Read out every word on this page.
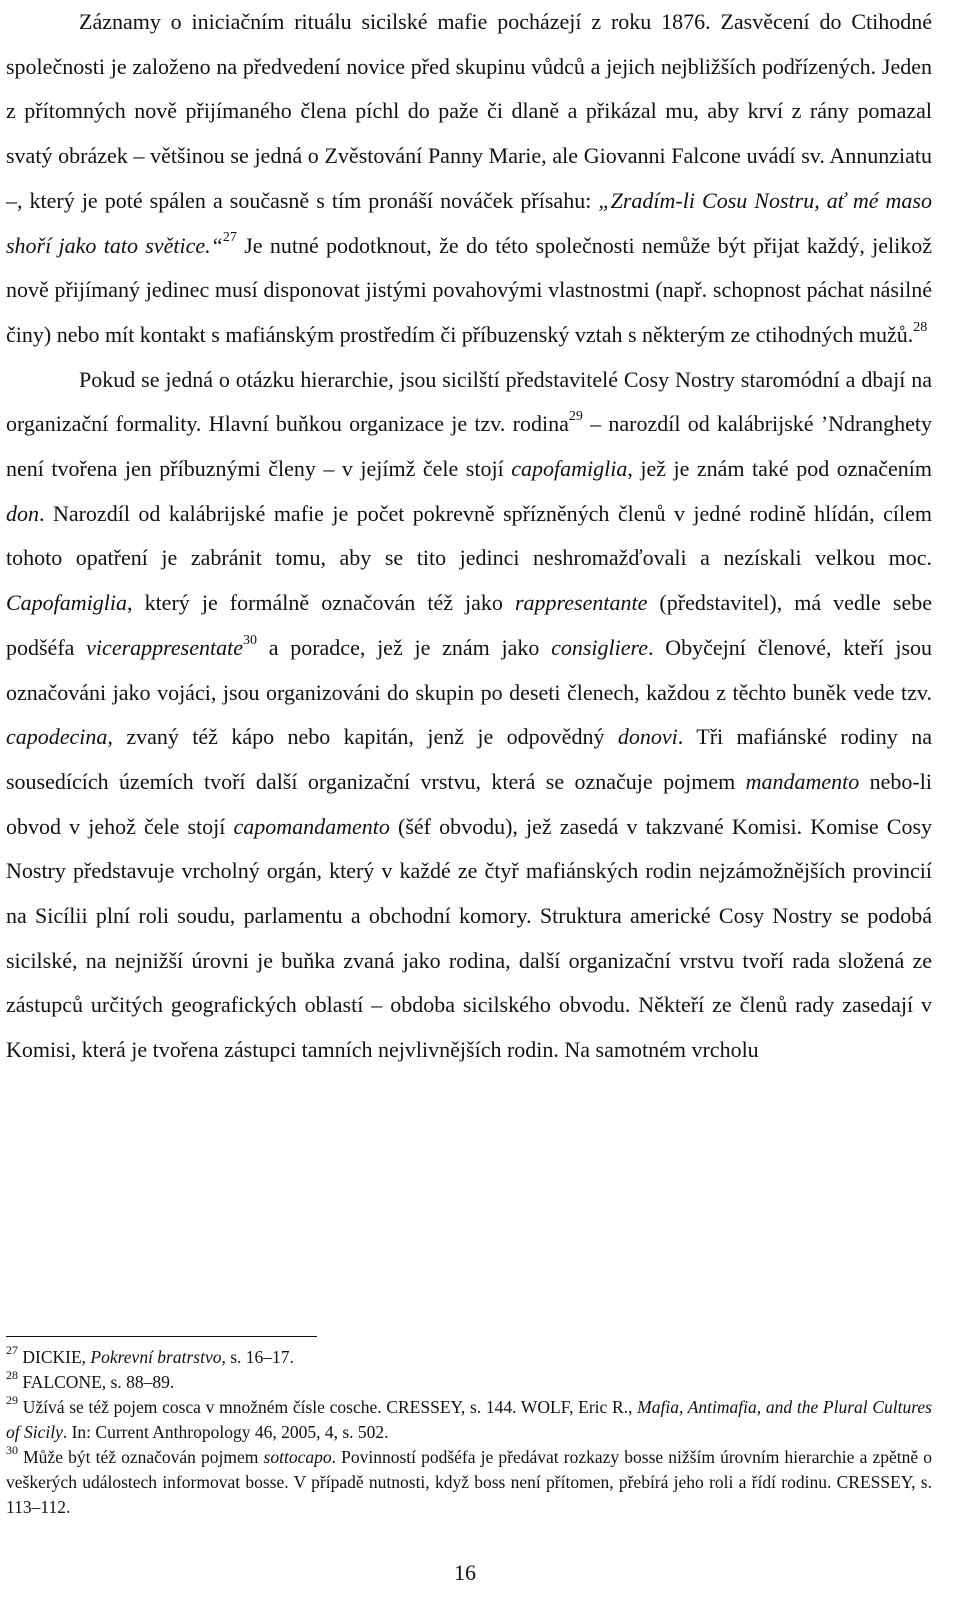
Záznamy o iniciačním rituálu sicilské mafie pocházejí z roku 1876. Zasvěcení do Ctihodné společnosti je založeno na předvedení novice před skupinu vůdců a jejich nejbližších podřízených. Jeden z přítomných nově přijímaného člena píchl do paže či dlaně a přikázal mu, aby krví z rány pomazal svatý obrázek – většinou se jedná o Zvěstování Panny Marie, ale Giovanni Falcone uvádí sv. Annunziatu –, který je poté spálen a současně s tím pronáší nováček přísahu: „Zradím-li Cosu Nostru, ať mé maso shoří jako tato světice.“$^{27}$ Je nutné podotknout, že do této společnosti nemůže být přijat každý, jelikož nově přijímaný jedinec musí disponovat jistými povahovými vlastnostmi (např. schopnost páchat násilné činy) nebo mít kontakt s mafiánským prostředím či příbuzenský vztah s některým ze ctihodných mužů.$^{28}$

Pokud se jedná o otázku hierarchie, jsou sicilští představitelé Cosy Nostry staromódní a dbají na organizační formality. Hlavní buňkou organizace je tzv. rodina$^{29}$ – narozdíl od kalábrijské ’Ndranghety není tvořena jen příbuznými členy – v jejímž čele stojí capofamiglia, jež je znám také pod označením don. Narozdíl od kalábrijské mafie je počet pokrevně spřízněných členů v jedné rodině hlídán, cílem tohoto opatření je zabránit tomu, aby se tito jedinci neshromažďovali a nezískali velkou moc. Capofamiglia, který je formálně označován též jako rappresentante (představitel), má vedle sebe podšéfa vicerappresentate$^{30}$ a poradce, jež je znám jako consigliere. Obyčejní členové, kteří jsou označováni jako vojáci, jsou organizováni do skupin po deseti členech, každou z těchto buněk vede tzv. capodecina, zvaný též kápo nebo kapitán, jenž je odpovědný donovi. Tři mafiánské rodiny na sousedících územích tvoří další organizační vrstvu, která se označuje pojmem mandamento nebo-li obvod v jehož čele stojí capomandamento (šéf obvodu), jež zasedá v takzvané Komisi. Komise Cosy Nostry představuje vrcholný orgán, který v každé ze čtyř mafiánských rodin nejzámožnějších provincií na Sicílii plní roli soudu, parlamentu a obchodní komory. Struktura americké Cosy Nostry se podobá sicilské, na nejnižší úrovni je buňka zvaná jako rodina, další organizační vrstvu tvoří rada složená ze zástupců určitých geografických oblastí – obdoba sicilského obvodu. Někteří ze členů rady zasedají v Komisi, která je tvořena zástupci tamních nejvlivnějších rodin. Na samotném vrcholu

$^{27}$ DICKIE, Pokrevní bratrstvo, s. 16–17.
$^{28}$ FALCONE, s. 88–89.
$^{29}$ Užívá se též pojem cosca v množném čísle cosche. CRESSEY, s. 144. WOLF, Eric R., Mafia, Antimafia, and the Plural Cultures of Sicily. In: Current Anthropology 46, 2005, 4, s. 502.
$^{30}$ Může být též označován pojmem sottocapo. Povinností podšéfa je předávat rozkazy bosse nižším úrovním hierarchie a zpětně o veškerých událostech informovat bosse. V případě nutnosti, když boss není přítomen, přebírá jeho roli a řídí rodinu. CRESSEY, s. 113–112.
16
